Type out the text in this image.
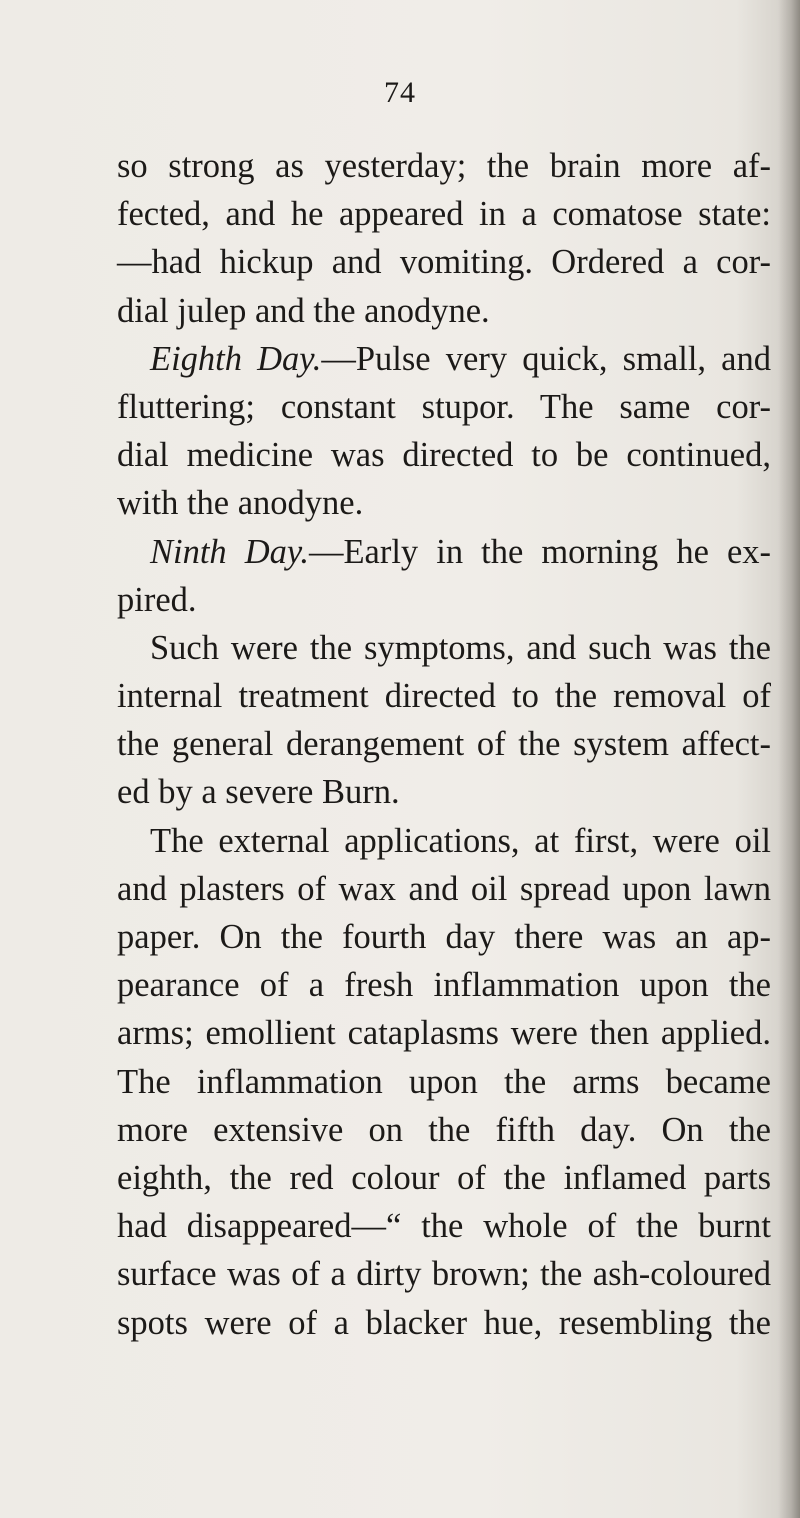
74
so strong as yesterday; the brain more af-
fected, and he appeared in a comatose state:
—had hickup and vomiting. Ordered a cor-
dial julep and the anodyne.
Eighth Day.—Pulse very quick, small, and
fluttering; constant stupor. The same cor-
dial medicine was directed to be continued,
with the anodyne.
Ninth Day.—Early in the morning he ex-
pired.
Such were the symptoms, and such was the
internal treatment directed to the removal of
the general derangement of the system affect-
ed by a severe Burn.
The external applications, at first, were oil
and plasters of wax and oil spread upon lawn
paper. On the fourth day there was an ap-
pearance of a fresh inflammation upon the
arms; emollient cataplasms were then applied.
The inflammation upon the arms became
more extensive on the fifth day. On the
eighth, the red colour of the inflamed parts
had disappeared—“ the whole of the burnt
surface was of a dirty brown; the ash-coloured
spots were of a blacker hue, resembling the
